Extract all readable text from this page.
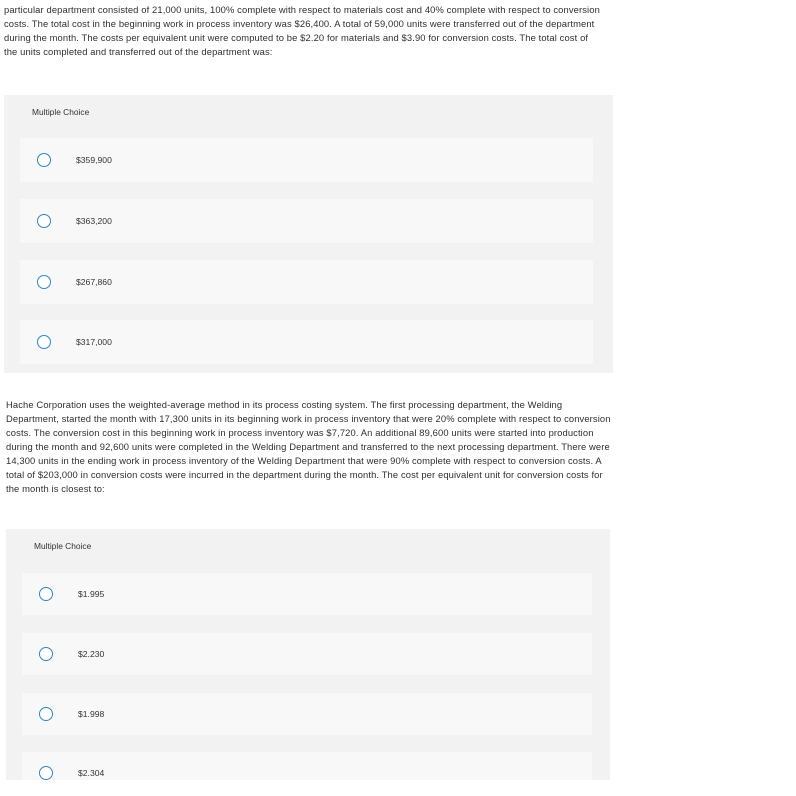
particular department consisted of 21,000 units, 100% complete with respect to materials cost and 40% complete with respect to conversion costs. The total cost in the beginning work in process inventory was $26,400. A total of 59,000 units were transferred out of the department during the month. The costs per equivalent unit were computed to be $2.20 for materials and $3.90 for conversion costs. The total cost of the units completed and transferred out of the department was:

Multiple Choice
$359,900
$363,200
$267,860
$317,000

Hache Corporation uses the weighted-average method in its process costing system. The first processing department, the Welding Department, started the month with 17,300 units in its beginning work in process inventory that were 20% complete with respect to conversion costs. The conversion cost in this beginning work in process inventory was $7,720. An additional 89,600 units were started into production during the month and 92,600 units were completed in the Welding Department and transferred to the next processing department. There were 14,300 units in the ending work in process inventory of the Welding Department that were 90% complete with respect to conversion costs. A total of $203,000 in conversion costs were incurred in the department during the month. The cost per equivalent unit for conversion costs for the month is closest to:

Multiple Choice
$1.995
$2.230
$1.998
$2.304
